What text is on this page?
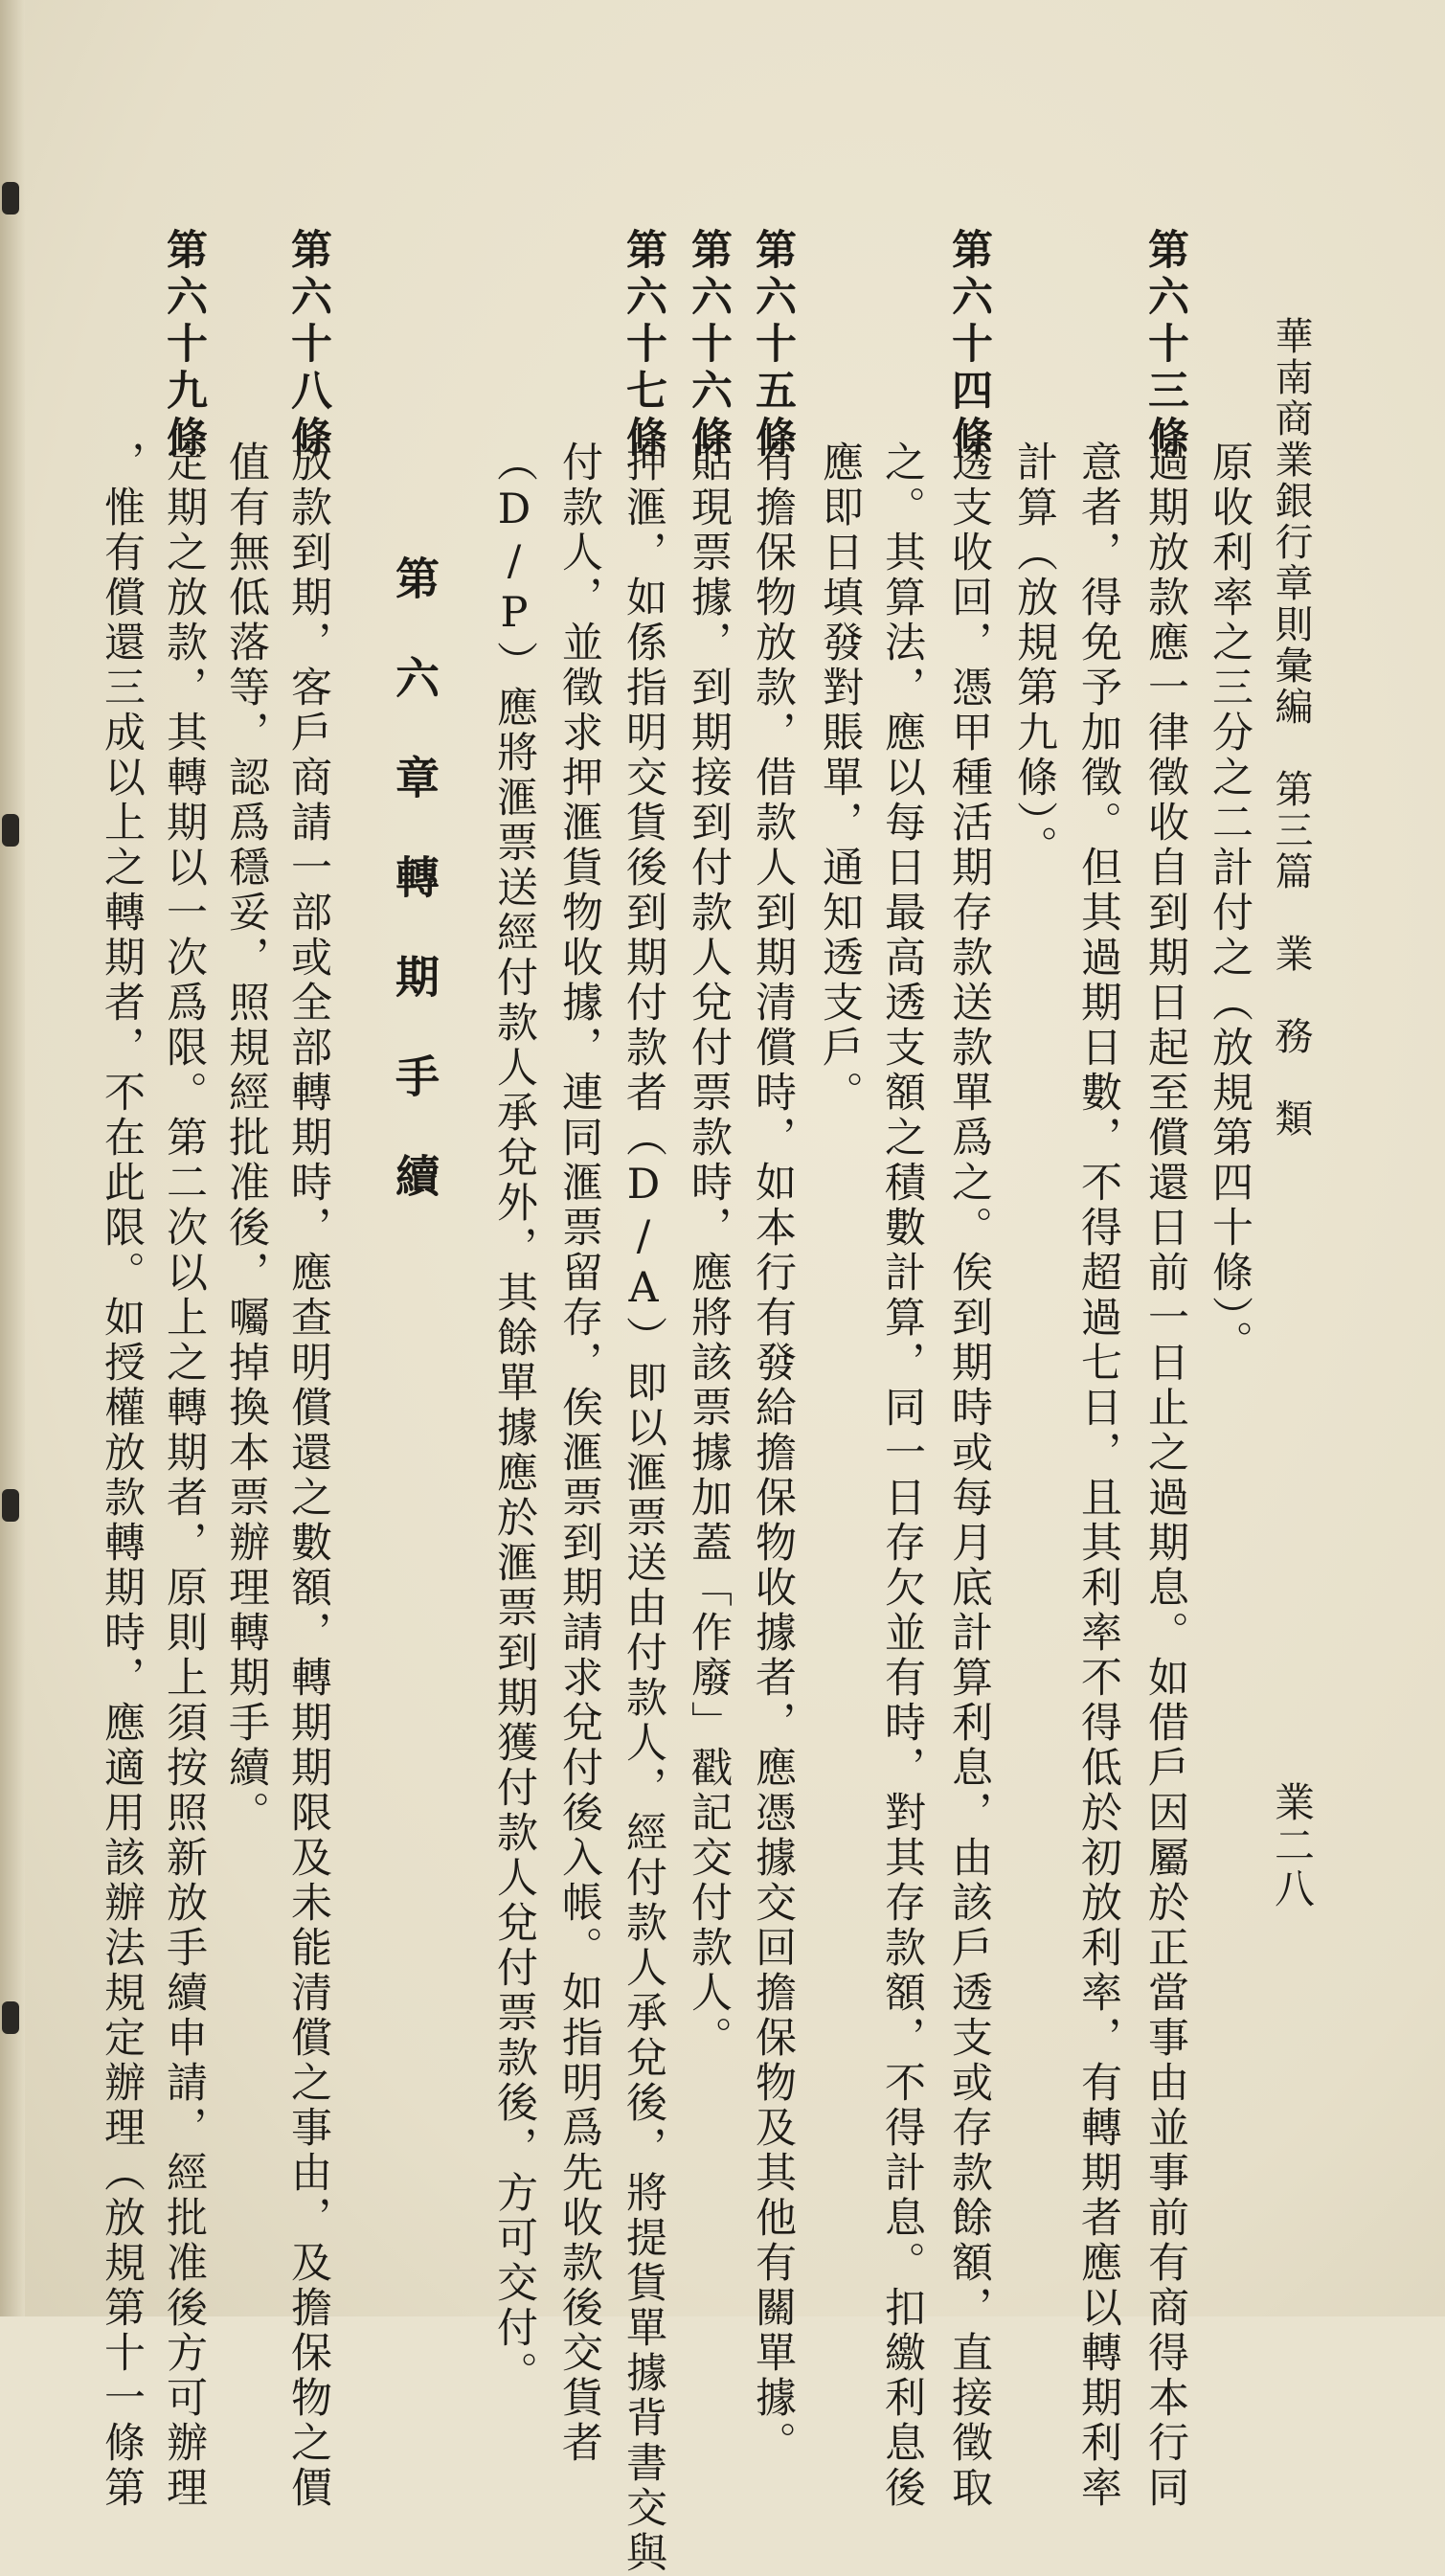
華南商業銀行章則彙編　第三篇　業　務　類
業二八
第六十三條
第六十四條
第六十五條
第六十六條
第六十七條
第六十八條
第六十九條
原收利率之三分之二計付之（放規第四十條）。
過期放款應一律徵收自到期日起至償還日前一日止之過期息。如借戶因屬於正當事由並事前有商得本行同
意者，得免予加徵。但其過期日數，不得超過七日，且其利率不得低於初放利率，有轉期者應以轉期利率
計算（放規第九條）。
透支收回，憑甲種活期存款送款單爲之。俟到期時或每月底計算利息，由該戶透支或存款餘額，直接徵取
之。其算法，應以每日最高透支額之積數計算，同一日存欠並有時，對其存款額，不得計息。扣繳利息後
應即日填發對賬單，通知透支戶。
有擔保物放款，借款人到期清償時，如本行有發給擔保物收據者，應憑據交回擔保物及其他有關單據。
貼現票據，到期接到付款人兌付票款時，應將該票據加蓋「作廢」戳記交付款人。
押滙，如係指明交貨後到期付款者（D/A）即以滙票送由付款人，經付款人承兌後，將提貨單據背書交與
付款人，並徵求押滙貨物收據，連同滙票留存，俟滙票到期請求兌付後入帳。如指明爲先收款後交貨者
（D/P）應將滙票送經付款人承兌外，其餘單據應於滙票到期獲付款人兌付票款後，方可交付。
第六章轉期手續
放款到期，客戶商請一部或全部轉期時，應查明償還之數額，轉期期限及未能清償之事由，及擔保物之價
值有無低落等，認爲穩妥，照規經批准後，囑掉換本票辦理轉期手續。
定期之放款，其轉期以一次爲限。第二次以上之轉期者，原則上須按照新放手續申請，經批准後方可辦理
，惟有償還三成以上之轉期者，不在此限。如授權放款轉期時，應適用該辦法規定辦理（放規第十一條第
